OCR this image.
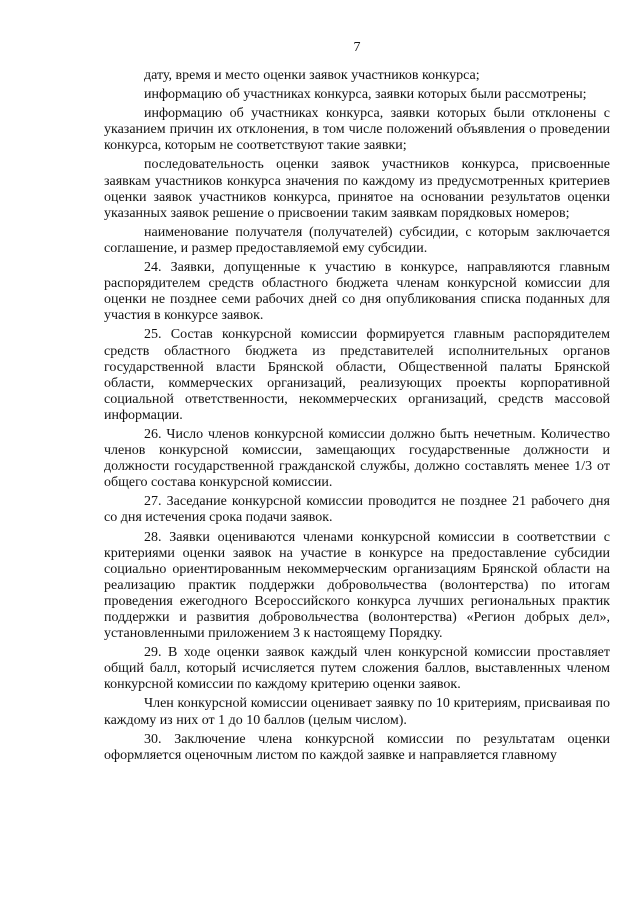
7

дату, время и место оценки заявок участников конкурса;

информацию об участниках конкурса, заявки которых были рассмотрены;

информацию об участниках конкурса, заявки которых были отклонены с указанием причин их отклонения, в том числе положений объявления о проведении конкурса, которым не соответствуют такие заявки;

последовательность оценки заявок участников конкурса, присвоенные заявкам участников конкурса значения по каждому из предусмотренных критериев оценки заявок участников конкурса, принятое на основании результатов оценки указанных заявок решение о присвоении таким заявкам порядковых номеров;

наименование получателя (получателей) субсидии, с которым заключается соглашение, и размер предоставляемой ему субсидии.

24. Заявки, допущенные к участию в конкурсе, направляются главным распорядителем средств областного бюджета членам конкурсной комиссии для оценки не позднее семи рабочих дней со дня опубликования списка поданных для участия в конкурсе заявок.

25. Состав конкурсной комиссии формируется главным распорядителем средств областного бюджета из представителей исполнительных органов государственной власти Брянской области, Общественной палаты Брянской области, коммерческих организаций, реализующих проекты корпоративной социальной ответственности, некоммерческих организаций, средств массовой информации.

26. Число членов конкурсной комиссии должно быть нечетным. Количество членов конкурсной комиссии, замещающих государственные должности и должности государственной гражданской службы, должно составлять менее 1/3 от общего состава конкурсной комиссии.

27. Заседание конкурсной комиссии проводится не позднее 21 рабочего дня со дня истечения срока подачи заявок.

28. Заявки оцениваются членами конкурсной комиссии в соответствии с критериями оценки заявок на участие в конкурсе на предоставление субсидии социально ориентированным некоммерческим организациям Брянской области на реализацию практик поддержки добровольчества (волонтерства) по итогам проведения ежегодного Всероссийского конкурса лучших региональных практик поддержки и развития добровольчества (волонтерства) «Регион добрых дел», установленными приложением 3 к настоящему Порядку.

29. В ходе оценки заявок каждый член конкурсной комиссии проставляет общий балл, который исчисляется путем сложения баллов, выставленных членом конкурсной комиссии по каждому критерию оценки заявок.

Член конкурсной комиссии оценивает заявку по 10 критериям, присваивая по каждому из них от 1 до 10 баллов (целым числом).

30. Заключение члена конкурсной комиссии по результатам оценки оформляется оценочным листом по каждой заявке и направляется главному
